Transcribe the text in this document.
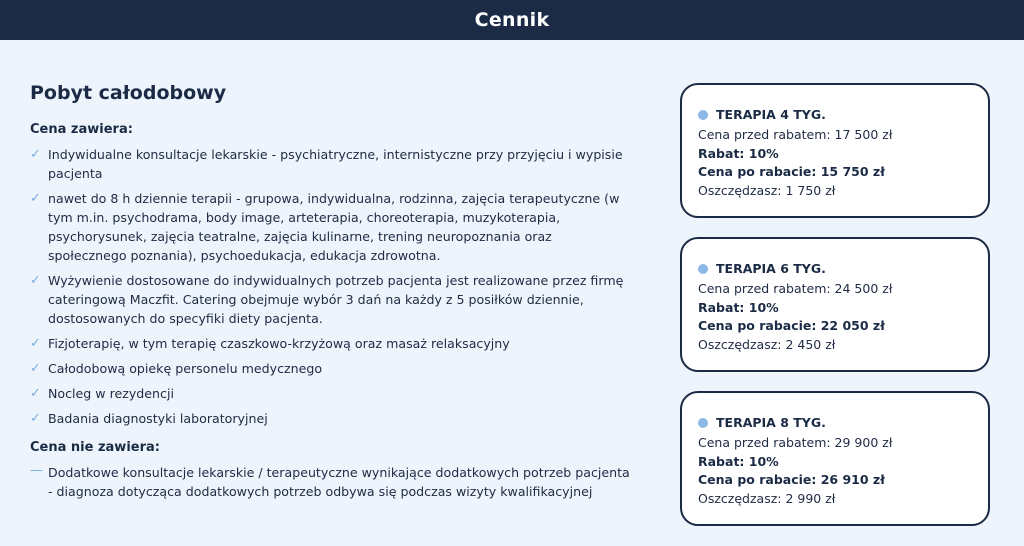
Cennik
Pobyt całodobowy
Cena zawiera:
✓ Indywidualne konsultacje lekarskie - psychiatryczne, internistyczne przy przyjęciu i wypisie pacjenta
✓ nawet do 8 h dziennie terapii - grupowa, indywidualna, rodzinna, zajęcia terapeutyczne (w tym m.in. psychodrama, body image, arteterapia, choreoterapia, muzykoterapia, psychorysunek, zajęcia teatralne, zajęcia kulinarne, trening neuropoznania oraz społecznego poznania), psychoedukacja, edukacja zdrowotna.
✓ Wyżywienie dostosowane do indywidualnych potrzeb pacjenta jest realizowane przez firmę cateringową Maczfit. Catering obejmuje wybór 3 dań na każdy z 5 posiłków dziennie, dostosowanych do specyfiki diety pacjenta.
✓ Fizjoterapię, w tym terapię czaszkowo-krzyżową oraz masaż relaksacyjny
✓ Całodobową opiekę personelu medycznego
✓ Nocleg w rezydencji
✓ Badania diagnostyki laboratoryjnej
Cena nie zawiera:
— Dodatkowe konsultacje lekarskie / terapeutyczne wynikające dodatkowych potrzeb pacjenta - diagnoza dotycząca dodatkowych potrzeb odbywa się podczas wizyty kwalifikacyjnej
TERAPIA 4 TYG.
Cena przed rabatem: 17 500 zł
Rabat: 10%
Cena po rabacie: 15 750 zł
Oszczędzasz: 1 750 zł
TERAPIA 6 TYG.
Cena przed rabatem: 24 500 zł
Rabat: 10%
Cena po rabacie: 22 050 zł
Oszczędzasz: 2 450 zł
TERAPIA 8 TYG.
Cena przed rabatem: 29 900 zł
Rabat: 10%
Cena po rabacie: 26 910 zł
Oszczędzasz: 2 990 zł
